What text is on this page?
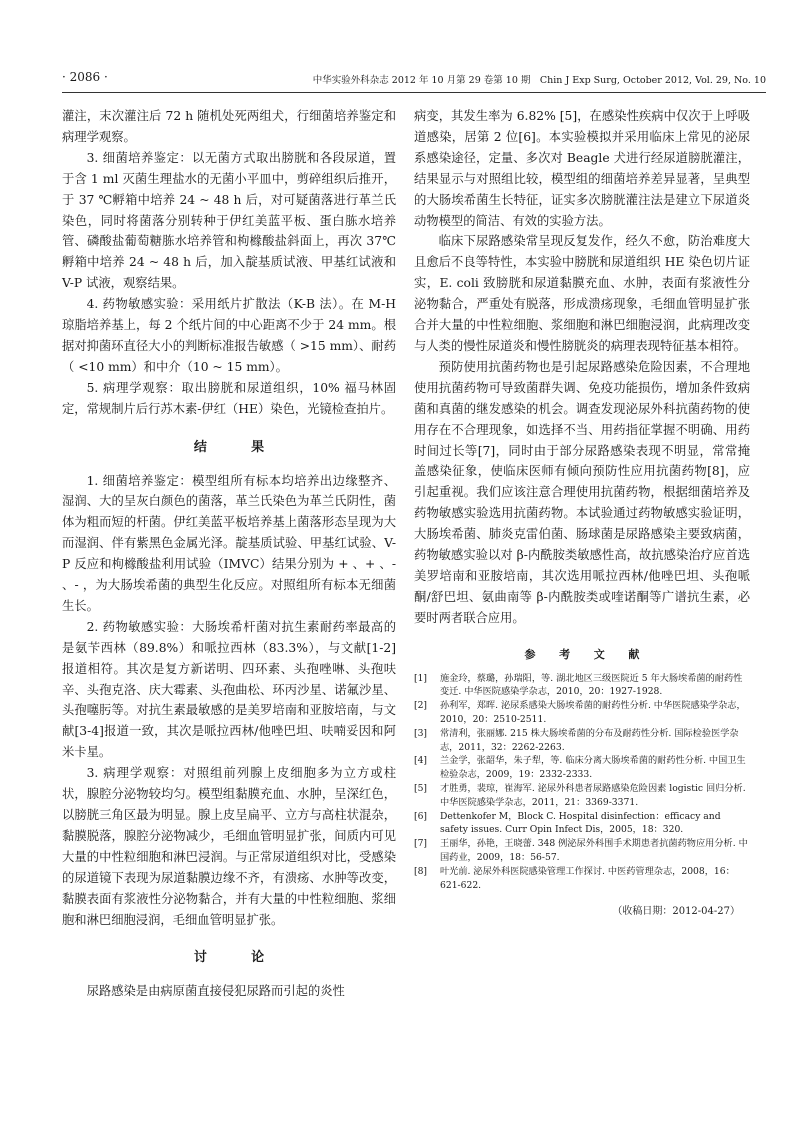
· 2086 ·	中华实验外科杂志 2012 年 10 月第 29 卷第 10 期　Chin J Exp Surg, October 2012, Vol. 29, No. 10

灌注，末次灌注后 72 h 随机处死两组犬，行细菌培养鉴定和病理学观察。

3. 细菌培养鉴定：以无菌方式取出膀胱和各段尿道，置于含 1 ml 灭菌生理盐水的无菌小平皿中，剪碎组织后推开，于 37 ℃孵箱中培养 24 ~ 48 h 后，对可疑菌落进行革兰氏染色，同时将菌落分别转种于伊红美蓝平板、蛋白胨水培养管、磷酸盐葡萄糖胨水培养管和枸橼酸盐斜面上，再次 37℃孵箱中培养 24 ~ 48 h 后，加入靛基质试液、甲基红试液和 V-P 试液，观察结果。

4. 药物敏感实验：采用纸片扩散法（K-B 法）。在 M-H 琼脂培养基上，每 2 个纸片间的中心距离不少于 24 mm。根据对抑菌环直径大小的判断标准报告敏感（ >15 mm）、耐药（ <10 mm）和中介（10 ~ 15 mm）。

5. 病理学观察：取出膀胱和尿道组织，10% 福马林固定，常规制片后行苏木素-伊红（HE）染色，光镜检查拍片。

结　果

1. 细菌培养鉴定：模型组所有标本均培养出边缘整齐、湿润、大的呈灰白颜色的菌落，革兰氏染色为革兰氏阴性，菌体为粗而短的杆菌。伊红美蓝平板培养基上菌落形态呈现为大而湿润、伴有紫黑色金属光泽。靛基质试验、甲基红试验、V-P 反应和枸橼酸盐利用试验（IMVC）结果分别为 + 、+ 、- 、- ，为大肠埃希菌的典型生化反应。对照组所有标本无细菌生长。

2. 药物敏感实验：大肠埃希杆菌对抗生素耐药率最高的是氨苄西林（89.8%）和哌拉西林（83.3%），与文献[1-2]报道相符。其次是复方新诺明、四环素、头孢唑啉、头孢呋辛、头孢克洛、庆大霉素、头孢曲松、环丙沙星、诺氟沙星、头孢噻肟等。对抗生素最敏感的是美罗培南和亚胺培南，与文献[3-4]报道一致，其次是哌拉西林/他唑巴坦、呋喃妥因和阿米卡星。

3. 病理学观察：对照组前列腺上皮细胞多为立方或柱状，腺腔分泌物较均匀。模型组黏膜充血、水肿，呈深红色，以膀胱三角区最为明显。腺上皮呈扁平、立方与高柱状混杂，黏膜脱落，腺腔分泌物减少，毛细血管明显扩张，间质内可见大量的中性粒细胞和淋巴浸润。与正常尿道组织对比，受感染的尿道镜下表现为尿道黏膜边缘不齐，有溃疡、水肿等改变，黏膜表面有浆液性分泌物黏合，并有大量的中性粒细胞、浆细胞和淋巴细胞浸润，毛细血管明显扩张。

讨　论

尿路感染是由病原菌直接侵犯尿路而引起的炎性

病变，其发生率为 6.82% [5]，在感染性疾病中仅次于上呼吸道感染，居第 2 位[6]。本实验模拟并采用临床上常见的泌尿系感染途径，定量、多次对 Beagle 犬进行经尿道膀胱灌注，结果显示与对照组比较，模型组的细菌培养差异显著，呈典型的大肠埃希菌生长特征，证实多次膀胱灌注法是建立下尿道炎动物模型的简洁、有效的实验方法。

临床下尿路感染常呈现反复发作，经久不愈，防治难度大且愈后不良等特性，本实验中膀胱和尿道组织 HE 染色切片证实，E. coli 致膀胱和尿道黏膜充血、水肿，表面有浆液性分泌物黏合，严重处有脱落，形成溃疡现象，毛细血管明显扩张合并大量的中性粒细胞、浆细胞和淋巴细胞浸润，此病理改变与人类的慢性尿道炎和慢性膀胱炎的病理表现特征基本相符。

预防使用抗菌药物也是引起尿路感染危险因素，不合理地使用抗菌药物可导致菌群失调、免疫功能损伤，增加条件致病菌和真菌的继发感染的机会。调查发现泌尿外科抗菌药物的使用存在不合理现象，如选择不当、用药指征掌握不明确、用药时间过长等[7]，同时由于部分尿路感染表现不明显，常常掩盖感染征象，使临床医师有倾向预防性应用抗菌药物[8]，应引起重视。我们应该注意合理使用抗菌药物，根据细菌培养及药物敏感实验选用抗菌药物。本试验通过药物敏感实验证明，大肠埃希菌、肺炎克雷伯菌、肠球菌是尿路感染主要致病菌，药物敏感实验以对 β-内酰胺类敏感性高，故抗感染治疗应首选美罗培南和亚胺培南，其次选用哌拉西林/他唑巴坦、头孢哌酮/舒巴坦、氨曲南等 β-内酰胺类或喹诺酮等广谱抗生素，必要时两者联合应用。

参 考 文 献
[1] 施金玲，蔡璐，孙瑞阳，等. 湖北地区三级医院近 5 年大肠埃希菌的耐药性变迁. 中华医院感染学杂志，2010，20：1927-1928.
[2] 孙利军，郑晖. 泌尿系感染大肠埃希菌的耐药性分析. 中华医院感染学杂志，2010，20：2510-2511.
[3] 常清利，张丽娜. 215 株大肠埃希菌的分布及耐药性分析. 国际检验医学杂志，2011，32：2262-2263.
[4] 兰金学，张韶华，朱子犁，等. 临床分离大肠埃希菌的耐药性分析. 中国卫生检验杂志，2009，19：2332-2333.
[5] 才胜勇，裴琼，崔海军. 泌尿外科患者尿路感染危险因素 logistic 回归分析. 中华医院感染学杂志，2011，21：3369-3371.
[6] Dettenkofer M，Block C. Hospital disinfection：efficacy and safety issues. Curr Opin Infect Dis，2005，18：320.
[7] 王丽华，孙艳，王晓蕾. 348 例泌尿外科围手术期患者抗菌药物应用分析. 中国药业，2009，18：56-57.
[8] 叶光前. 泌尿外科医院感染管理工作探讨. 中医药管理杂志，2008，16：621-622.
（收稿日期：2012-04-27）
